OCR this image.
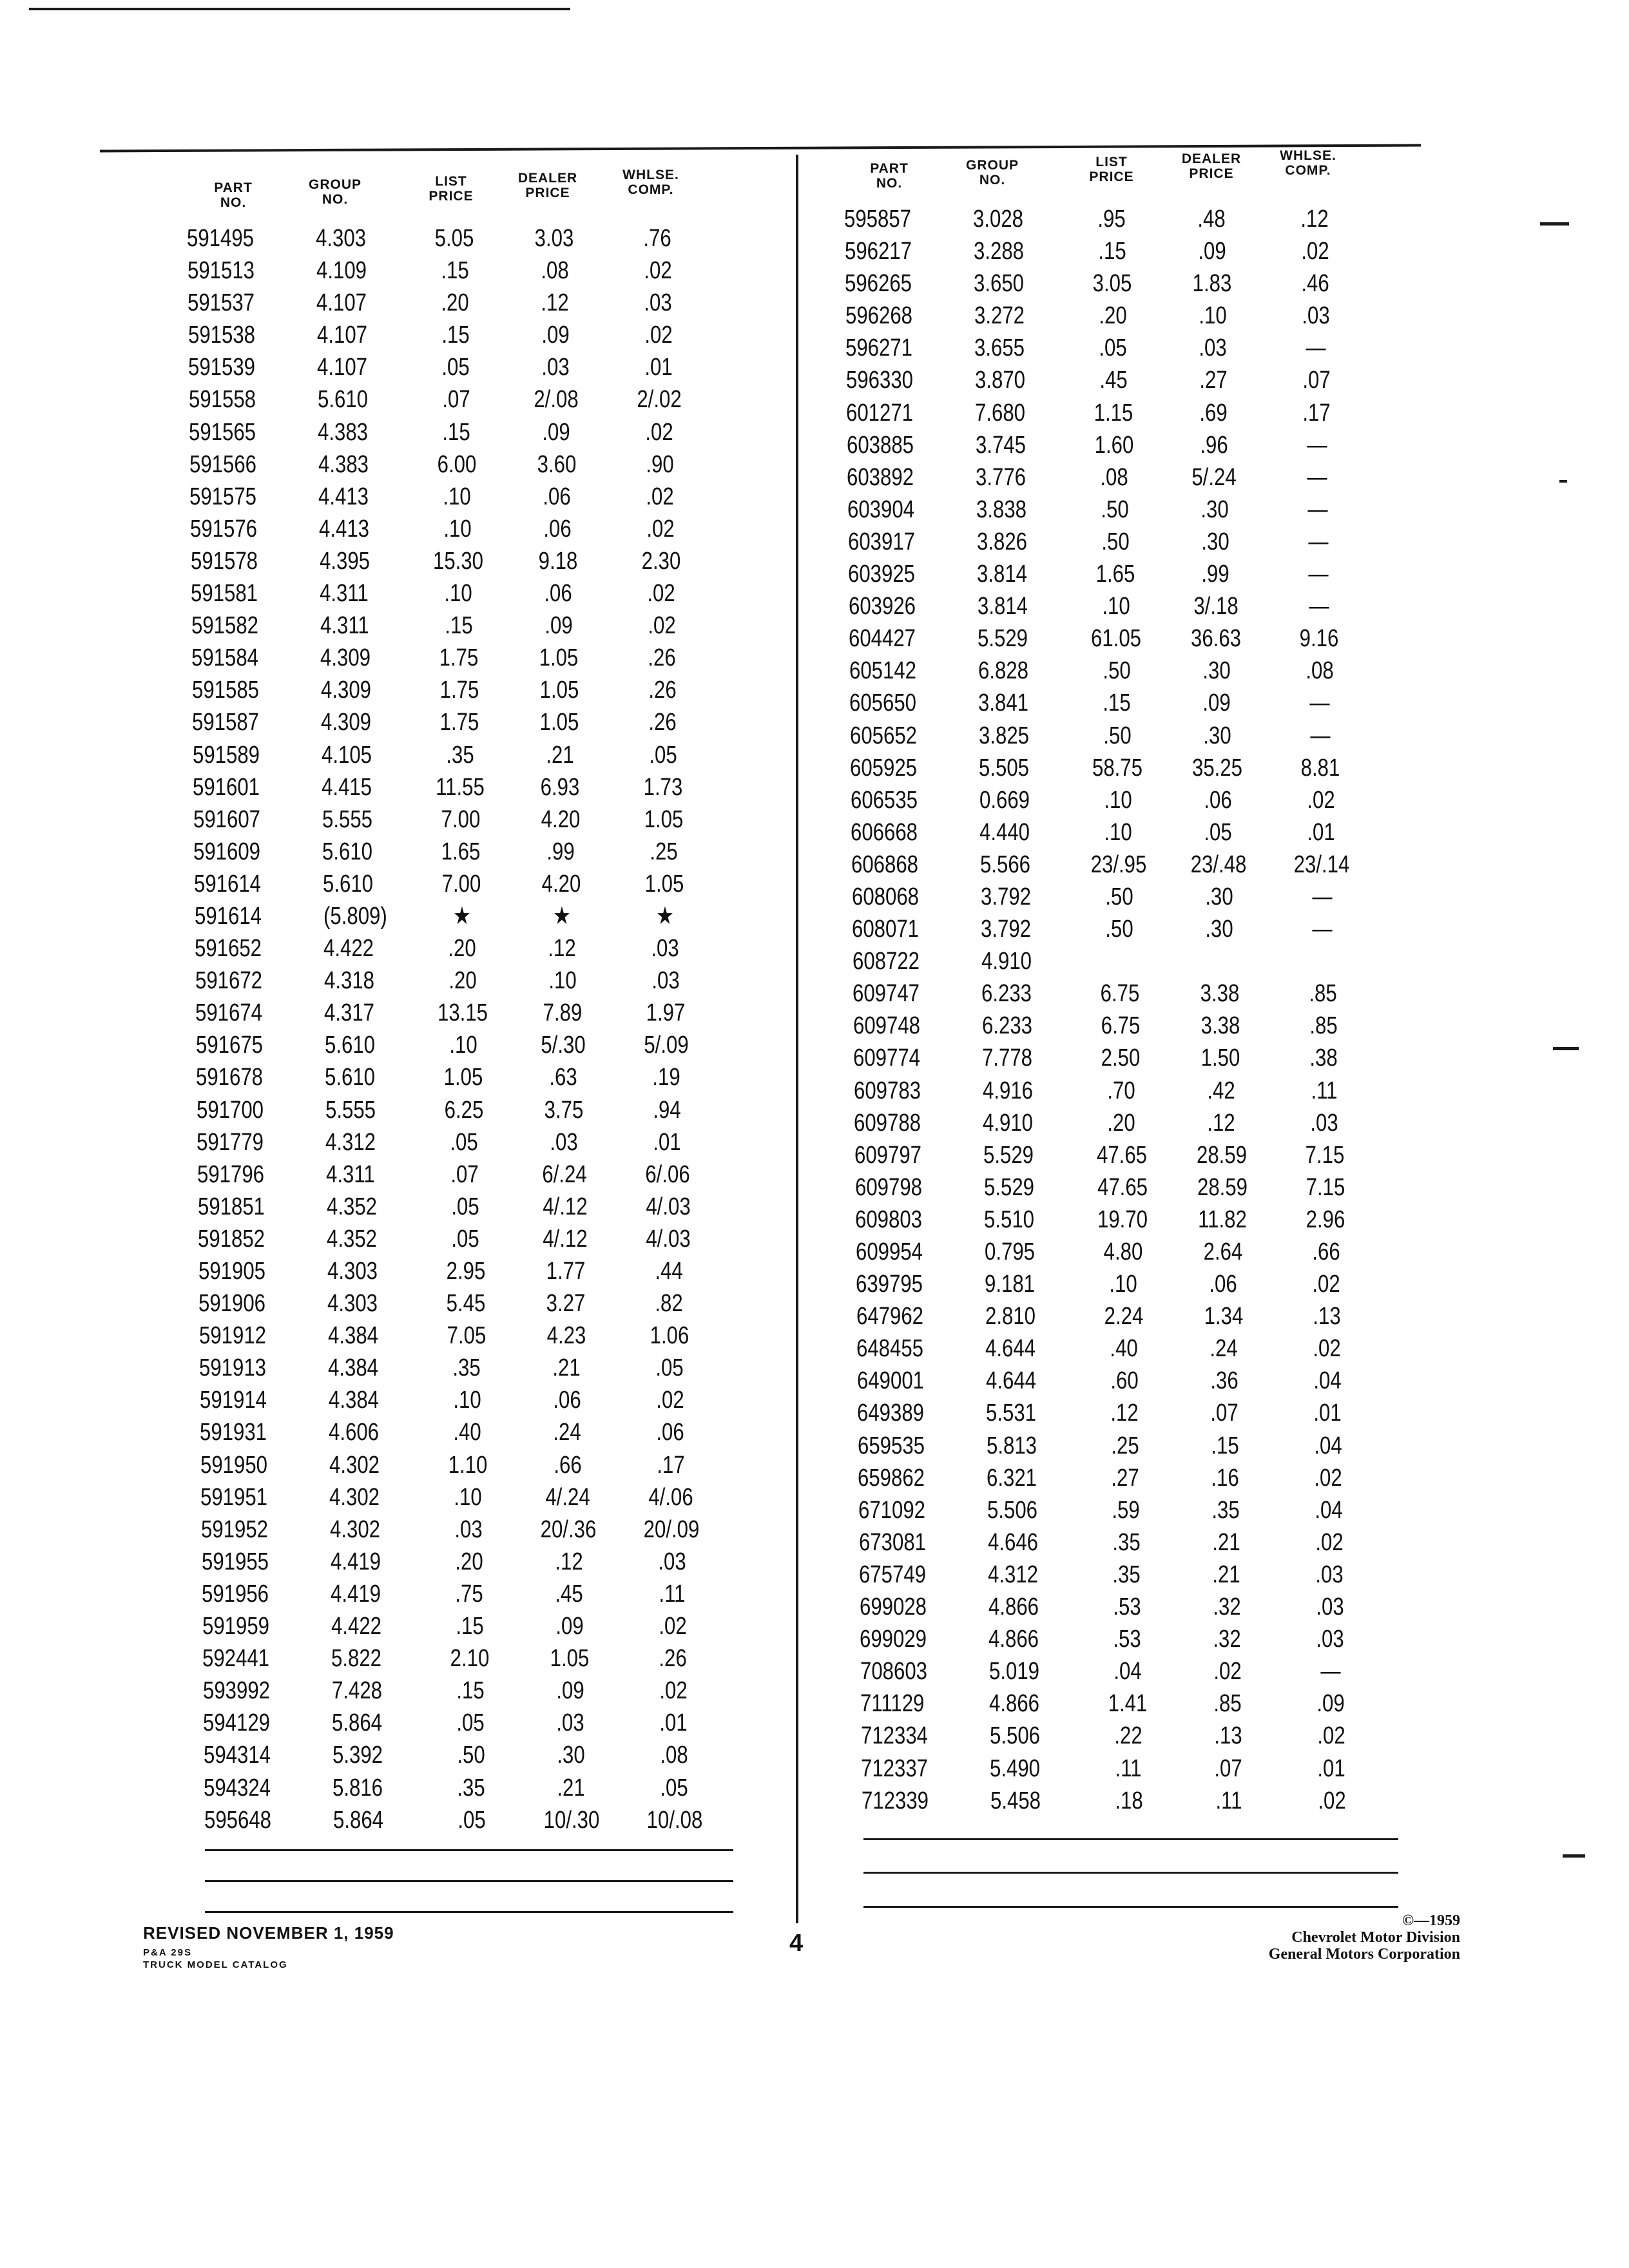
PART
NO.
GROUP
NO.
LIST
PRICE
DEALER
PRICE
WHLSE.
COMP.
591495	4.303	5.05	3.03	.76
591513	4.109	.15	.08	.02
591537	4.107	.20	.12	.03
591538	4.107	.15	.09	.02
591539	4.107	.05	.03	.01
591558	5.610	.07	2/.08	2/.02
591565	4.383	.15	.09	.02
591566	4.383	6.00	3.60	.90
591575	4.413	.10	.06	.02
591576	4.413	.10	.06	.02
591578	4.395	15.30	9.18	2.30
591581	4.311	.10	.06	.02
591582	4.311	.15	.09	.02
591584	4.309	1.75	1.05	.26
591585	4.309	1.75	1.05	.26
591587	4.309	1.75	1.05	.26
591589	4.105	.35	.21	.05
591601	4.415	11.55	6.93	1.73
591607	5.555	7.00	4.20	1.05
591609	5.610	1.65	.99	.25
591614	5.610	7.00	4.20	1.05
591614	(5.809)	★	★	★
591652	4.422	.20	.12	.03
591672	4.318	.20	.10	.03
591674	4.317	13.15	7.89	1.97
591675	5.610	.10	5/.30	5/.09
591678	5.610	1.05	.63	.19
591700	5.555	6.25	3.75	.94
591779	4.312	.05	.03	.01
591796	4.311	.07	6/.24	6/.06
591851	4.352	.05	4/.12	4/.03
591852	4.352	.05	4/.12	4/.03
591905	4.303	2.95	1.77	.44
591906	4.303	5.45	3.27	.82
591912	4.384	7.05	4.23	1.06
591913	4.384	.35	.21	.05
591914	4.384	.10	.06	.02
591931	4.606	.40	.24	.06
591950	4.302	1.10	.66	.17
591951	4.302	.10	4/.24	4/.06
591952	4.302	.03	20/.36	20/.09
591955	4.419	.20	.12	.03
591956	4.419	.75	.45	.11
591959	4.422	.15	.09	.02
592441	5.822	2.10	1.05	.26
593992	7.428	.15	.09	.02
594129	5.864	.05	.03	.01
594314	5.392	.50	.30	.08
594324	5.816	.35	.21	.05
595648	5.864	.05	10/.30	10/.08
PART
NO.
GROUP
NO.
LIST
PRICE
DEALER
PRICE
WHLSE.
COMP.
595857	3.028	.95	.48	.12
596217	3.288	.15	.09	.02
596265	3.650	3.05	1.83	.46
596268	3.272	.20	.10	.03
596271	3.655	.05	.03	—
596330	3.870	.45	.27	.07
601271	7.680	1.15	.69	.17
603885	3.745	1.60	.96	—
603892	3.776	.08	5/.24	—
603904	3.838	.50	.30	—
603917	3.826	.50	.30	—
603925	3.814	1.65	.99	—
603926	3.814	.10	3/.18	—
604427	5.529	61.05	36.63	9.16
605142	6.828	.50	.30	.08
605650	3.841	.15	.09	—
605652	3.825	.50	.30	—
605925	5.505	58.75	35.25	8.81
606535	0.669	.10	.06	.02
606668	4.440	.10	.05	.01
606868	5.566	23/.95	23/.48	23/.14
608068	3.792	.50	.30	—
608071	3.792	.50	.30	—
608722	4.910
609747	6.233	6.75	3.38	.85
609748	6.233	6.75	3.38	.85
609774	7.778	2.50	1.50	.38
609783	4.916	.70	.42	.11
609788	4.910	.20	.12	.03
609797	5.529	47.65	28.59	7.15
609798	5.529	47.65	28.59	7.15
609803	5.510	19.70	11.82	2.96
609954	0.795	4.80	2.64	.66
639795	9.181	.10	.06	.02
647962	2.810	2.24	1.34	.13
648455	4.644	.40	.24	.02
649001	4.644	.60	.36	.04
649389	5.531	.12	.07	.01
659535	5.813	.25	.15	.04
659862	6.321	.27	.16	.02
671092	5.506	.59	.35	.04
673081	4.646	.35	.21	.02
675749	4.312	.35	.21	.03
699028	4.866	.53	.32	.03
699029	4.866	.53	.32	.03
708603	5.019	.04	.02	—
711129	4.866	1.41	.85	.09
712334	5.506	.22	.13	.02
712337	5.490	.11	.07	.01
712339	5.458	.18	.11	.02
REVISED NOVEMBER 1, 1959
P&A 29S
TRUCK MODEL CATALOG
4
©—1959
Chevrolet Motor Division
General Motors Corporation
